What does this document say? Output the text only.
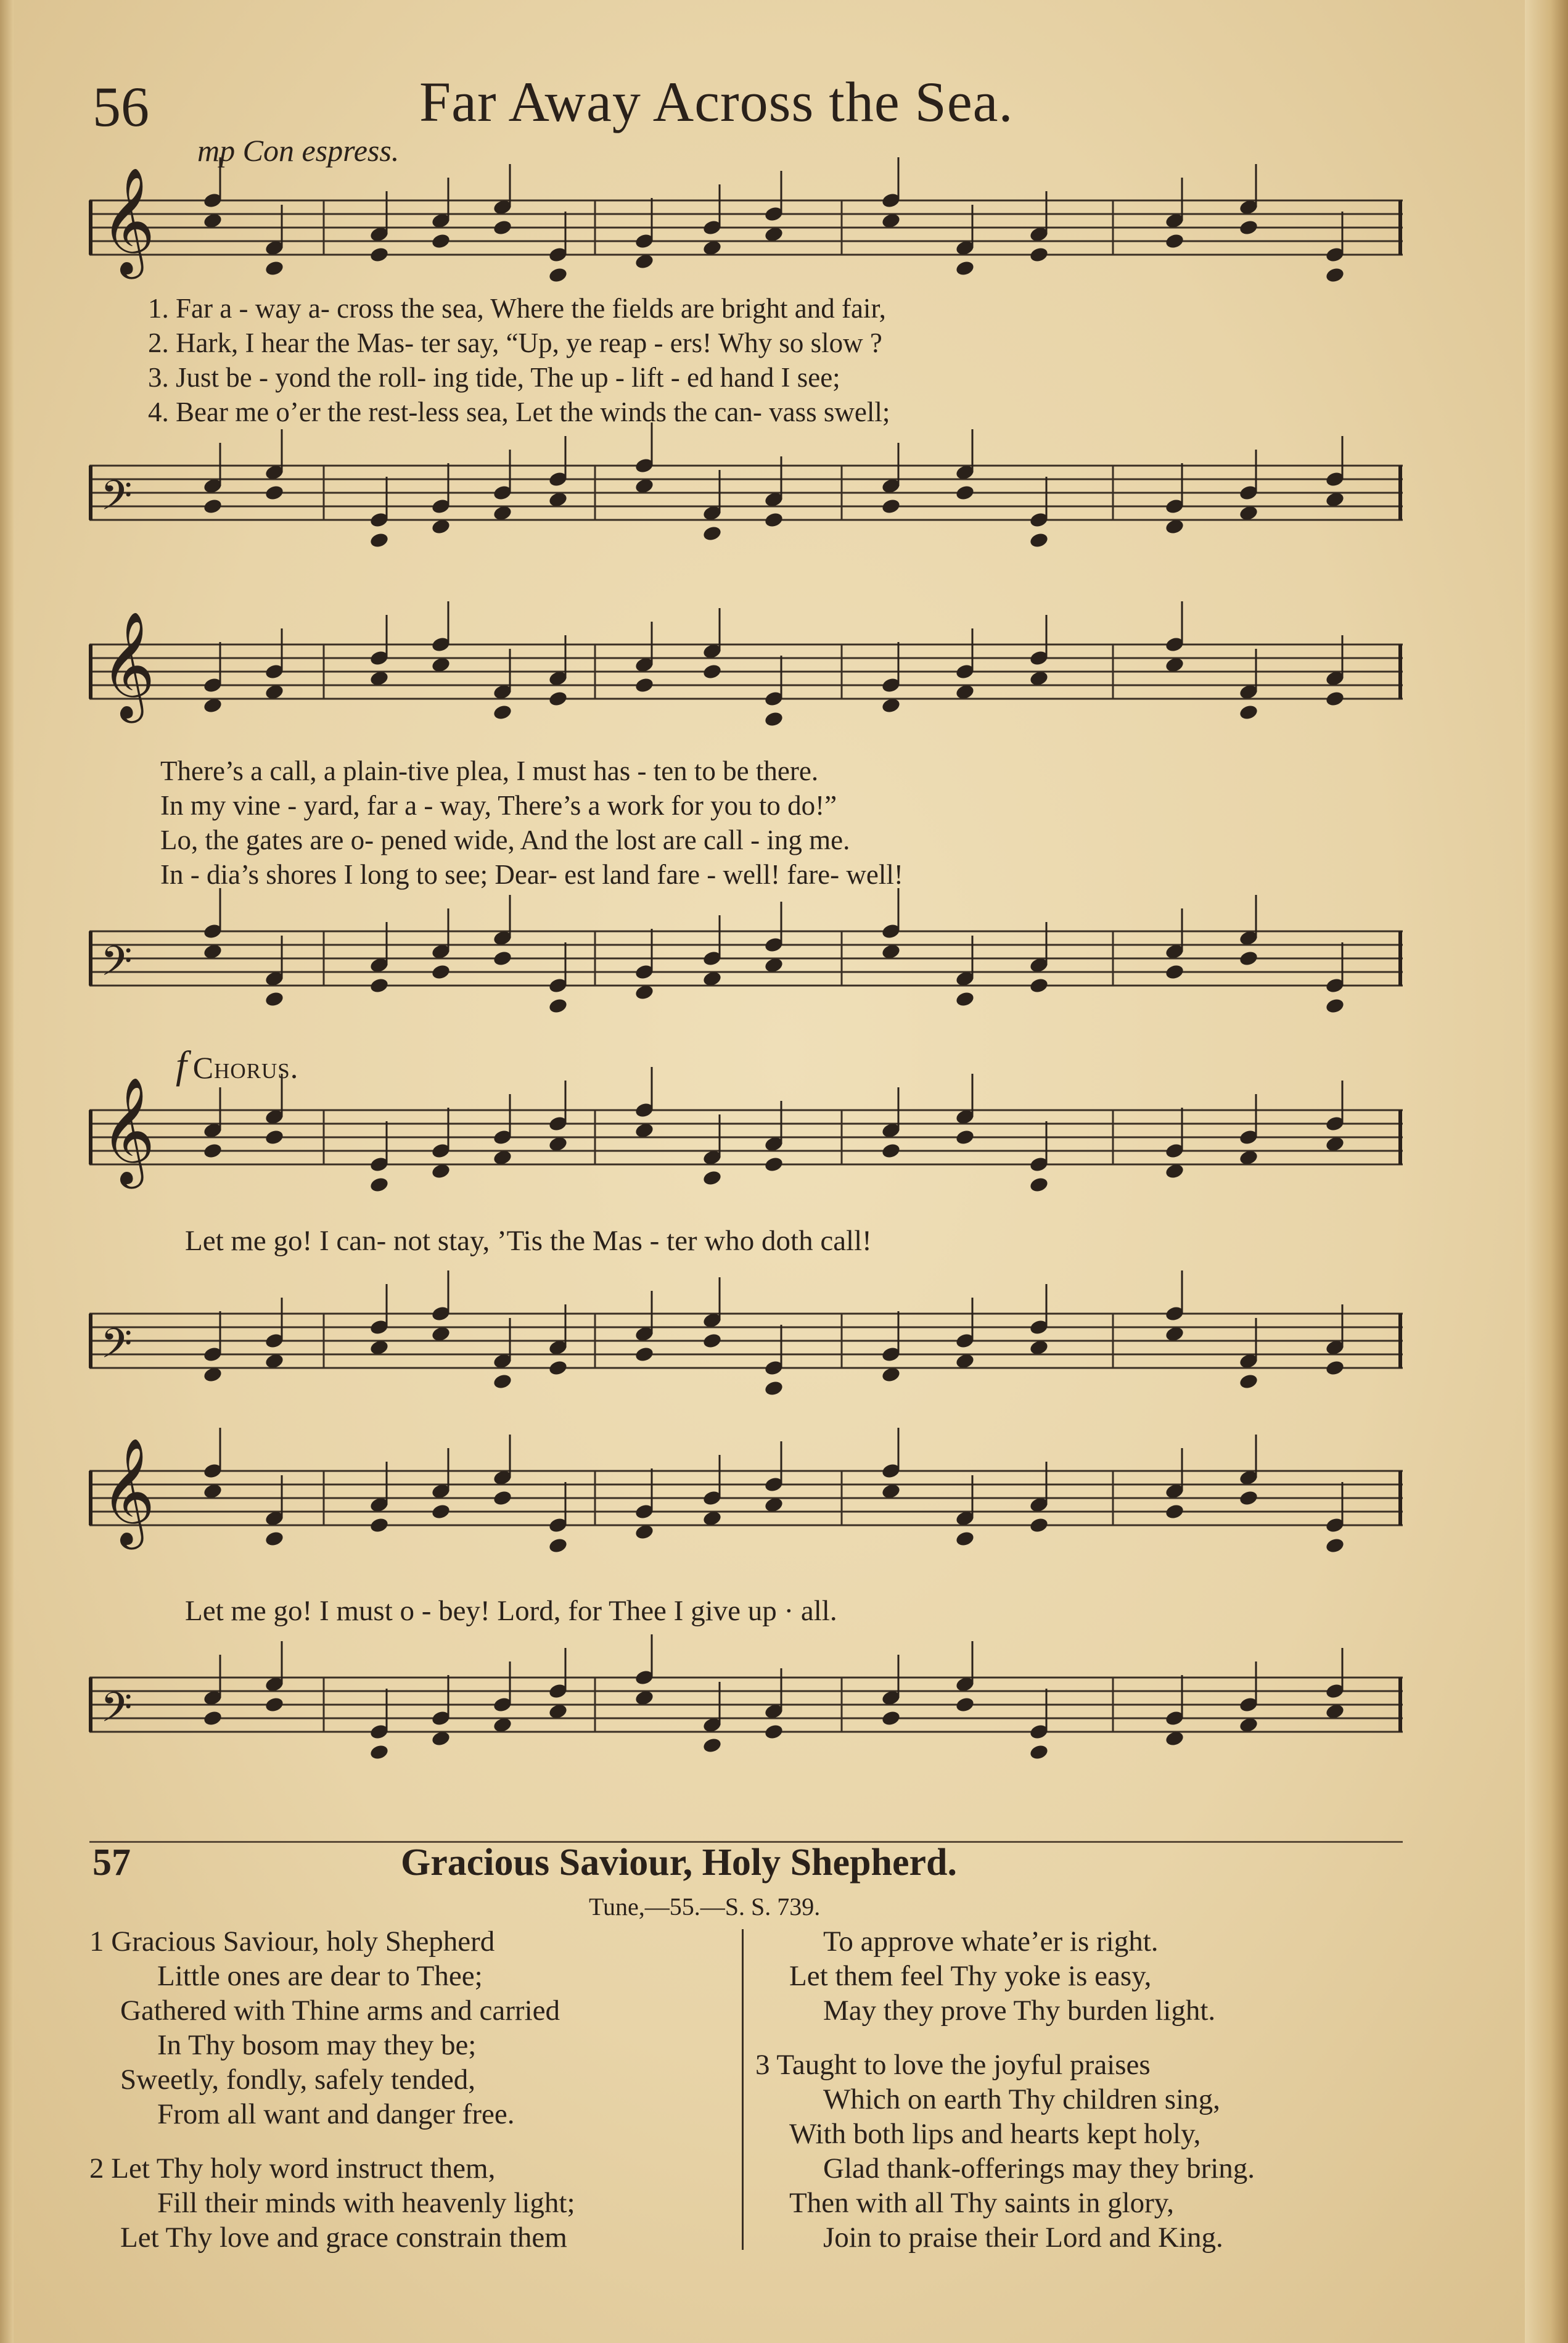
56	Far Away Across the Sea.
mp Con espress.
𝄞
1. Far a - way a- cross the sea, Where the fields are bright and fair,
2. Hark, I hear the Mas- ter say, “Up, ye reap - ers! Why so slow ?
3. Just be - yond the roll- ing tide, The up - lift - ed hand I see;
4. Bear me o’er the rest-less sea, Let the winds the can- vass swell;
𝄢
𝄞
There’s a call, a plain-tive plea, I must has - ten to be there.
In my vine - yard, far a - way, There’s a work for you to do!”
Lo, the gates are o- pened wide, And the lost are call - ing me.
In - dia’s shores I long to see; Dear- est land fare - well! fare- well!
𝄢
f Chorus.
𝄞
Let me go! I can- not stay, ’Tis the Mas - ter who doth call!
𝄢
𝄞
Let me go! I must o - bey! Lord, for Thee I give up · all.
𝄢
57	Gracious Saviour, Holy Shepherd.
Tune,—55.—S. S. 739.
1 Gracious Saviour, holy Shepherd
Little ones are dear to Thee;
Gathered with Thine arms and carried
In Thy bosom may they be;
Sweetly, fondly, safely tended,
From all want and danger free.
2 Let Thy holy word instruct them,
Fill their minds with heavenly light;
Let Thy love and grace constrain them
To approve whate’er is right.
Let them feel Thy yoke is easy,
May they prove Thy burden light.
3 Taught to love the joyful praises
Which on earth Thy children sing,
With both lips and hearts kept holy,
Glad thank-offerings may they bring.
Then with all Thy saints in glory,
Join to praise their Lord and King.
